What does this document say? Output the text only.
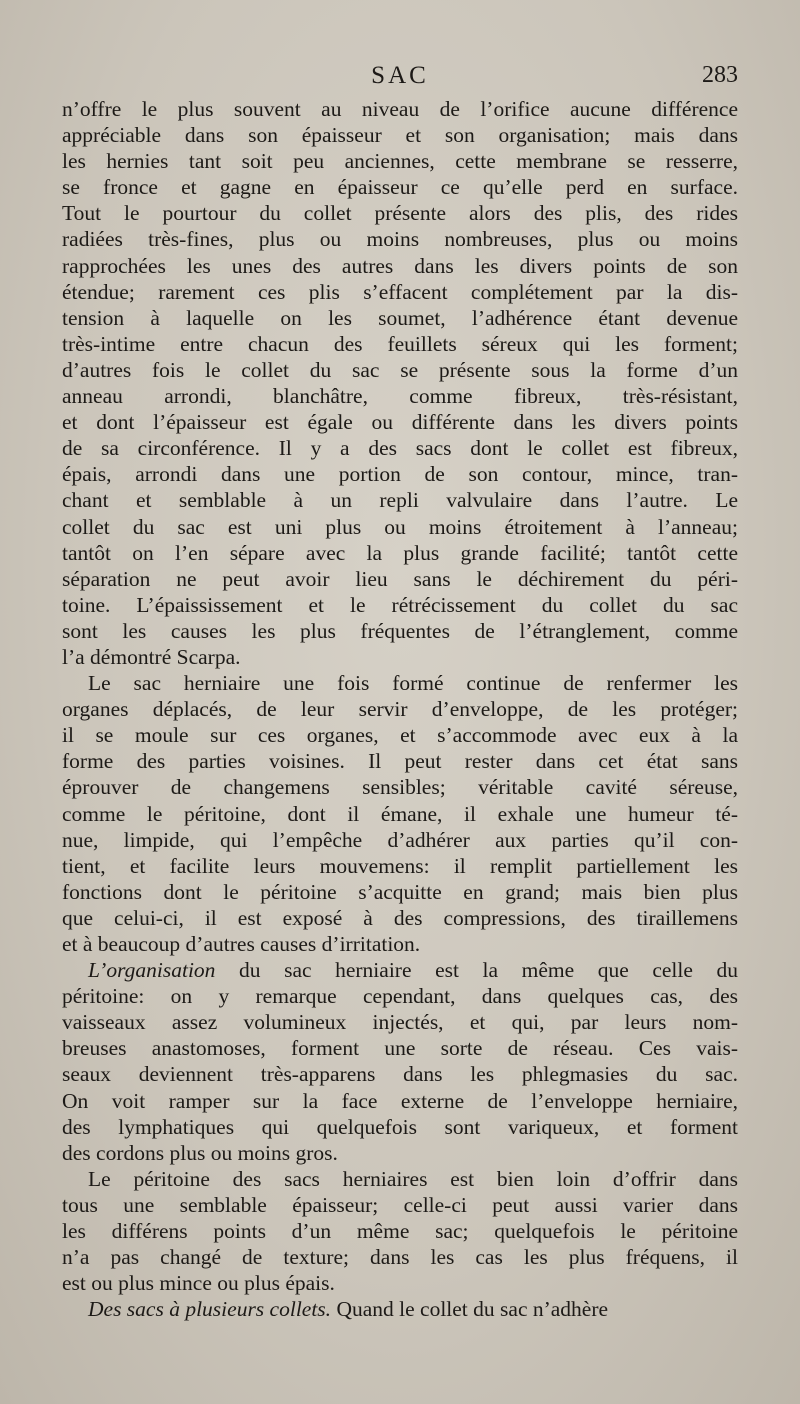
SAC	283
n’offre le plus souvent au niveau de l’orifice aucune différence
appréciable dans son épaisseur et son organisation; mais dans
les hernies tant soit peu anciennes, cette membrane se resserre,
se fronce et gagne en épaisseur ce qu’elle perd en surface.
Tout le pourtour du collet présente alors des plis, des rides
radiées très-fines, plus ou moins nombreuses, plus ou moins
rapprochées les unes des autres dans les divers points de son
étendue; rarement ces plis s’effacent complétement par la dis-
tension à laquelle on les soumet, l’adhérence étant devenue
très-intime entre chacun des feuillets séreux qui les forment;
d’autres fois le collet du sac se présente sous la forme d’un
anneau arrondi, blanchâtre, comme fibreux, très-résistant,
et dont l’épaisseur est égale ou différente dans les divers points
de sa circonférence. Il y a des sacs dont le collet est fibreux,
épais, arrondi dans une portion de son contour, mince, tran-
chant et semblable à un repli valvulaire dans l’autre. Le
collet du sac est uni plus ou moins étroitement à l’anneau;
tantôt on l’en sépare avec la plus grande facilité; tantôt cette
séparation ne peut avoir lieu sans le déchirement du péri-
toine. L’épaississement et le rétrécissement du collet du sac
sont les causes les plus fréquentes de l’étranglement, comme
l’a démontré Scarpa.
Le sac herniaire une fois formé continue de renfermer les
organes déplacés, de leur servir d’enveloppe, de les protéger;
il se moule sur ces organes, et s’accommode avec eux à la
forme des parties voisines. Il peut rester dans cet état sans
éprouver de changemens sensibles; véritable cavité séreuse,
comme le péritoine, dont il émane, il exhale une humeur té-
nue, limpide, qui l’empêche d’adhérer aux parties qu’il con-
tient, et facilite leurs mouvemens: il remplit partiellement les
fonctions dont le péritoine s’acquitte en grand; mais bien plus
que celui-ci, il est exposé à des compressions, des tiraillemens
et à beaucoup d’autres causes d’irritation.
L’organisation du sac herniaire est la même que celle du
péritoine: on y remarque cependant, dans quelques cas, des
vaisseaux assez volumineux injectés, et qui, par leurs nom-
breuses anastomoses, forment une sorte de réseau. Ces vais-
seaux deviennent très-apparens dans les phlegmasies du sac.
On voit ramper sur la face externe de l’enveloppe herniaire,
des lymphatiques qui quelquefois sont variqueux, et forment
des cordons plus ou moins gros.
Le péritoine des sacs herniaires est bien loin d’offrir dans
tous une semblable épaisseur; celle-ci peut aussi varier dans
les différens points d’un même sac; quelquefois le péritoine
n’a pas changé de texture; dans les cas les plus fréquens, il
est ou plus mince ou plus épais.
Des sacs à plusieurs collets. Quand le collet du sac n’adhère
